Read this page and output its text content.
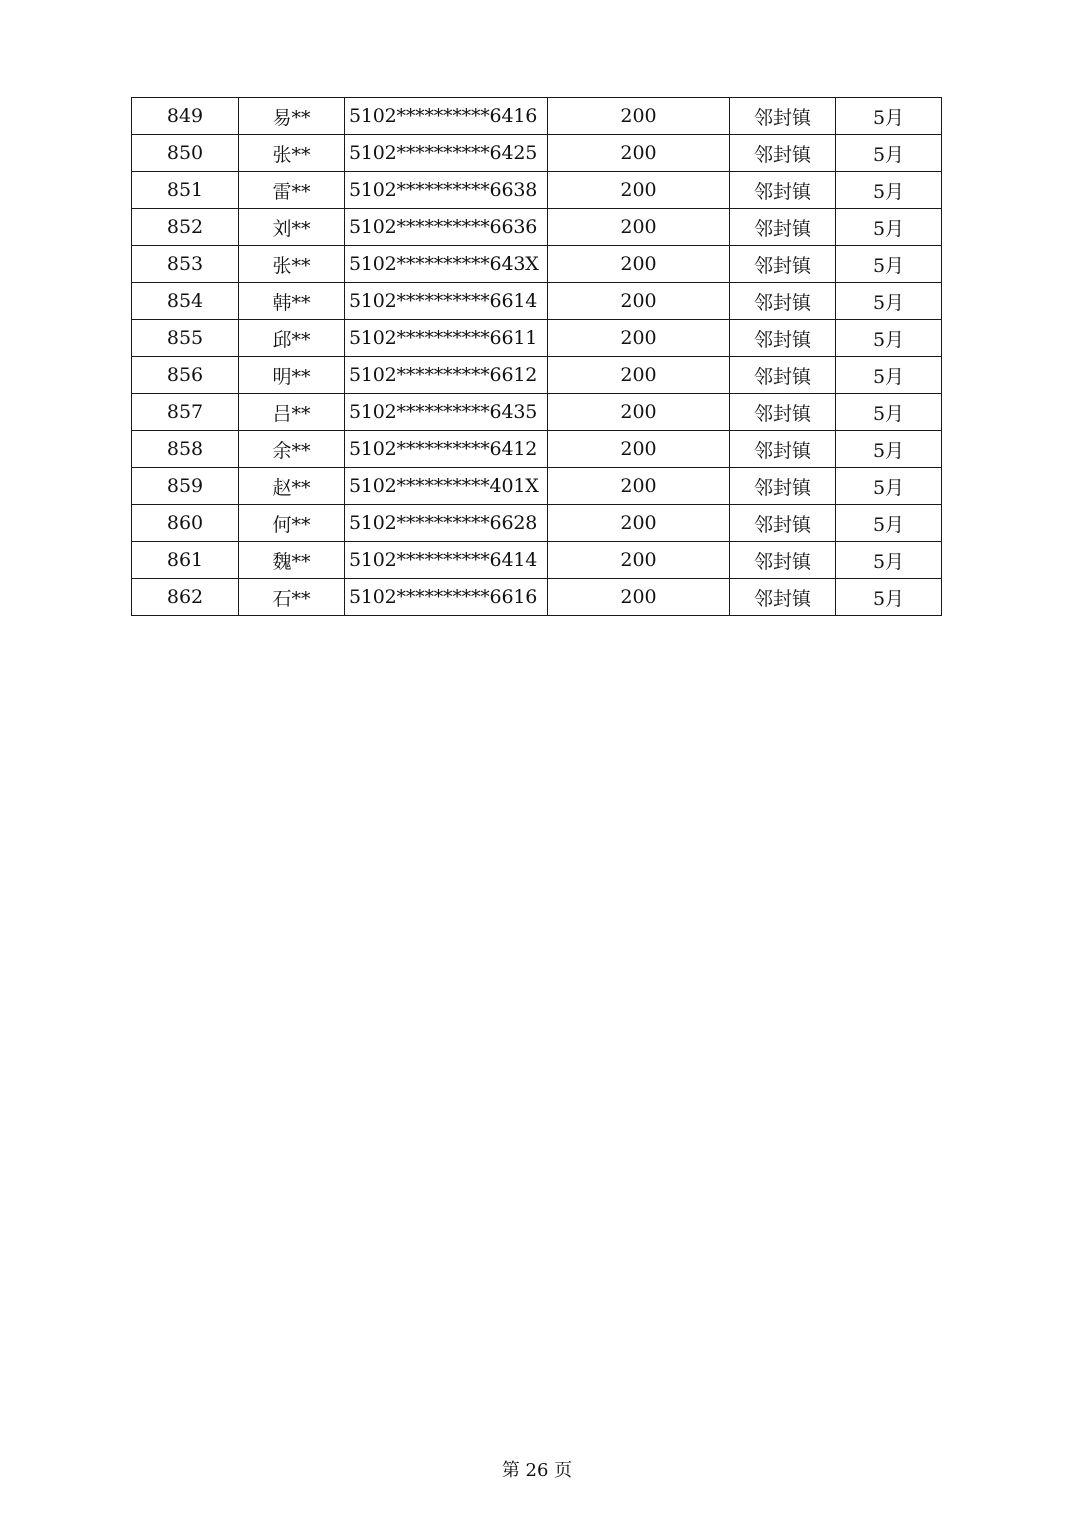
849	易**	5102**********6416	200	邻封镇	5月
850	张**	5102**********6425	200	邻封镇	5月
851	雷**	5102**********6638	200	邻封镇	5月
852	刘**	5102**********6636	200	邻封镇	5月
853	张**	5102**********643X	200	邻封镇	5月
854	韩**	5102**********6614	200	邻封镇	5月
855	邱**	5102**********6611	200	邻封镇	5月
856	明**	5102**********6612	200	邻封镇	5月
857	吕**	5102**********6435	200	邻封镇	5月
858	余**	5102**********6412	200	邻封镇	5月
859	赵**	5102**********401X	200	邻封镇	5月
860	何**	5102**********6628	200	邻封镇	5月
861	魏**	5102**********6414	200	邻封镇	5月
862	石**	5102**********6616	200	邻封镇	5月
第 26 页
